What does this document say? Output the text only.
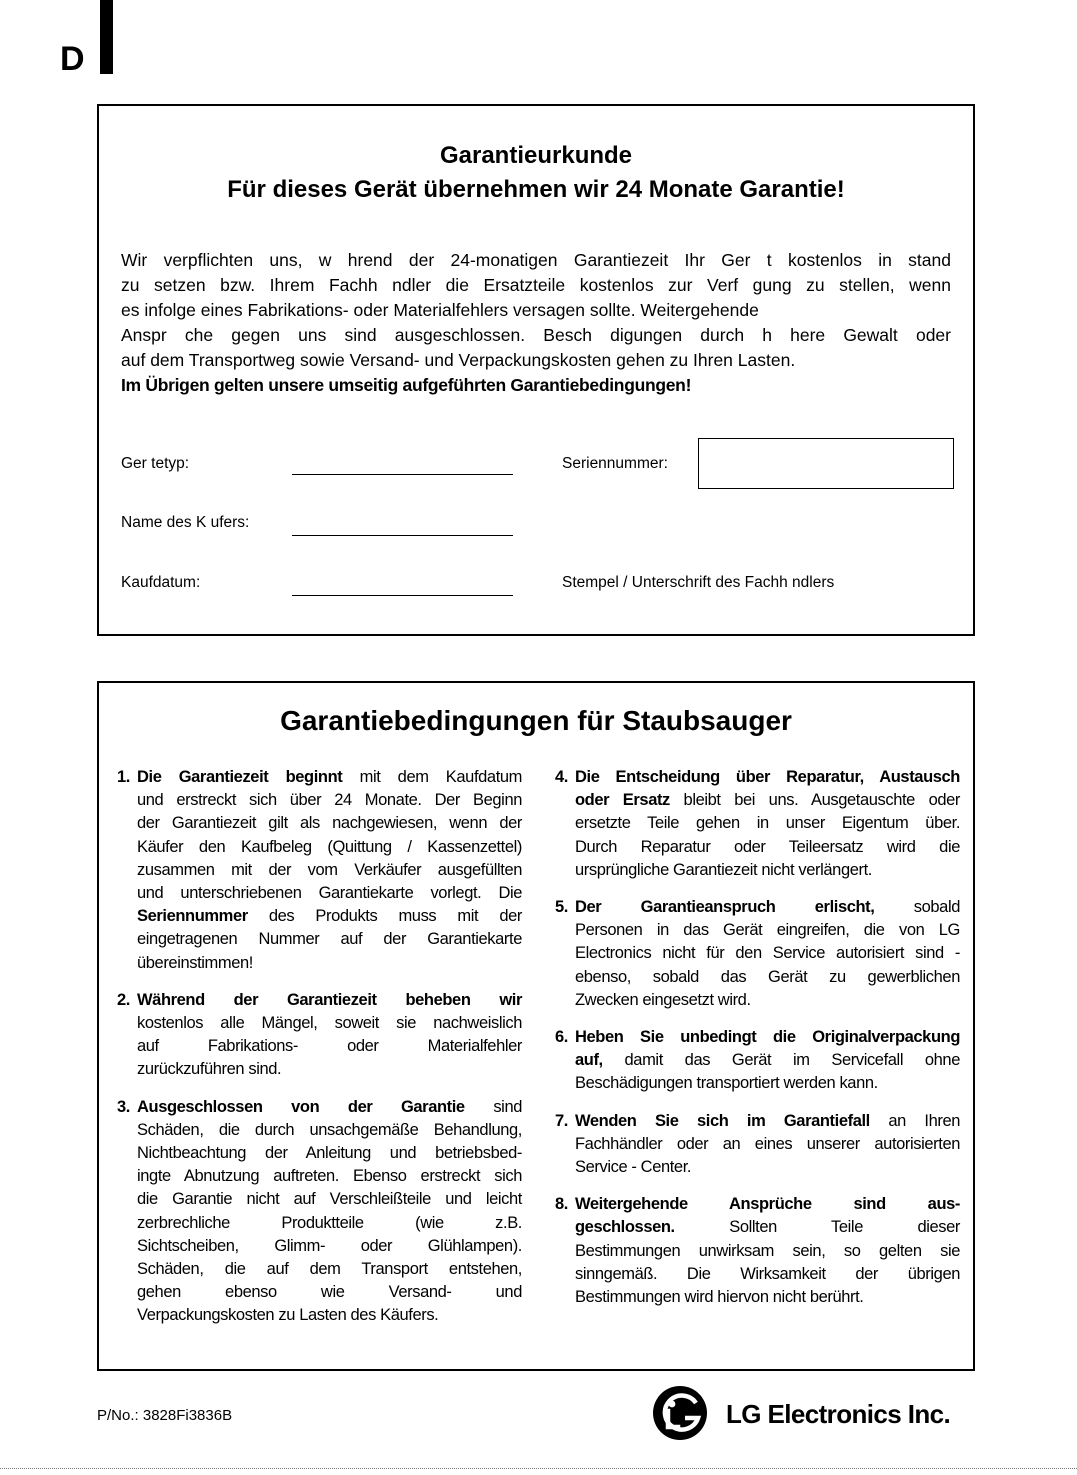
D
Garantieurkunde
Für dieses Gerät übernehmen wir 24 Monate Garantie!
Wir verpflichten uns, w hrend der 24-monatigen Garantiezeit Ihr Ger t kostenlos in stand
zu setzen bzw. Ihrem Fachh ndler die Ersatzteile kostenlos zur Verf gung zu stellen, wenn
es infolge eines Fabrikations- oder Materialfehlers versagen sollte. Weitergehende
Anspr che gegen uns sind ausgeschlossen. Besch digungen durch h here Gewalt oder
auf dem Transportweg sowie Versand- und Verpackungskosten gehen zu Ihren Lasten.
Im Übrigen gelten unsere umseitig aufgeführten Garantiebedingungen!
Ger tetyp:
Name des K ufers:
Kaufdatum:
Seriennummer:
Stempel / Unterschrift des Fachh ndlers
Garantiebedingungen für Staubsauger
1. Die Garantiezeit beginnt mit dem Kaufdatum
und erstreckt sich über 24 Monate. Der Beginn
der Garantiezeit gilt als nachgewiesen, wenn der
Käufer den Kaufbeleg (Quittung / Kassenzettel)
zusammen mit der vom Verkäufer ausgefüllten
und unterschriebenen Garantiekarte vorlegt. Die
Seriennummer des Produkts muss mit der
eingetragenen Nummer auf der Garantiekarte
übereinstimmen!
2. Während der Garantiezeit beheben wir
kostenlos alle Mängel, soweit sie nachweislich
auf Fabrikations- oder Materialfehler
zurückzuführen sind.
3. Ausgeschlossen von der Garantie sind
Schäden, die durch unsachgemäße Behandlung,
Nichtbeachtung der Anleitung und betriebsbed-
ingte Abnutzung auftreten. Ebenso erstreckt sich
die Garantie nicht auf Verschleißteile und leicht
zerbrechliche Produktteile (wie z.B.
Sichtscheiben, Glimm- oder Glühlampen).
Schäden, die auf dem Transport entstehen,
gehen ebenso wie Versand- und
Verpackungskosten zu Lasten des Käufers.
4. Die Entscheidung über Reparatur, Austausch
oder Ersatz bleibt bei uns. Ausgetauschte oder
ersetzte Teile gehen in unser Eigentum über.
Durch Reparatur oder Teileersatz wird die
ursprüngliche Garantiezeit nicht verlängert.
5. Der Garantieanspruch erlischt, sobald
Personen in das Gerät eingreifen, die von LG
Electronics nicht für den Service autorisiert sind -
ebenso, sobald das Gerät zu gewerblichen
Zwecken eingesetzt wird.
6. Heben Sie unbedingt die Originalverpackung
auf, damit das Gerät im Servicefall ohne
Beschädigungen transportiert werden kann.
7. Wenden Sie sich im Garantiefall an Ihren
Fachhändler oder an eines unserer autorisierten
Service - Center.
8. Weitergehende Ansprüche sind aus-
geschlossen. Sollten Teile dieser
Bestimmungen unwirksam sein, so gelten sie
sinngemäß. Die Wirksamkeit der übrigen
Bestimmungen wird hiervon nicht berührt.
P/No.: 3828Fi3836B	LG Electronics Inc.
